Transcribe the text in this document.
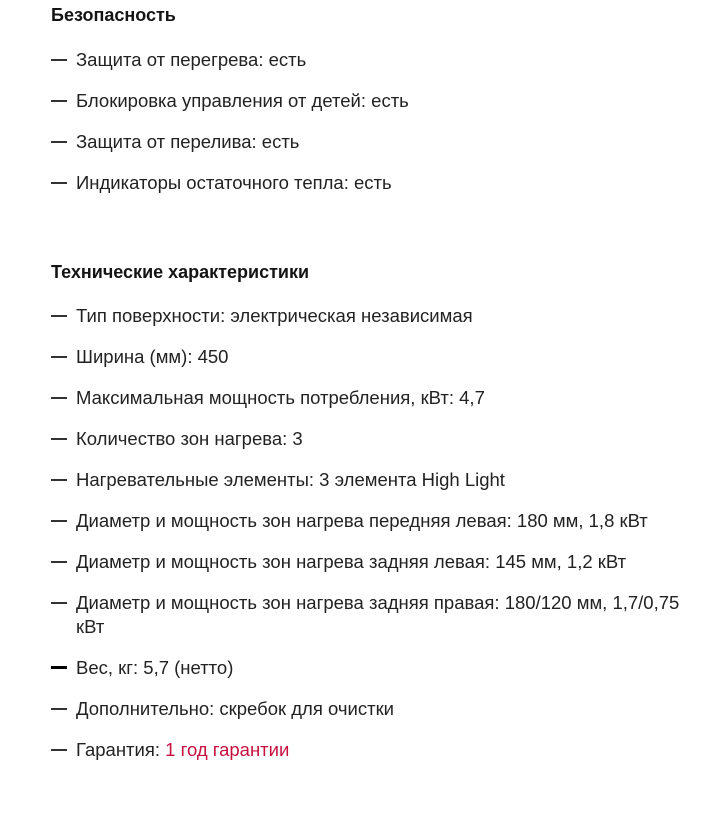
Безопасность
Защита от перегрева: есть
Блокировка управления от детей: есть
Защита от перелива: есть
Индикаторы остаточного тепла: есть
Технические характеристики
Тип поверхности: электрическая независимая
Ширина (мм): 450
Максимальная мощность потребления, кВт: 4,7
Количество зон нагрева: 3
Нагревательные элементы: 3 элемента High Light
Диаметр и мощность зон нагрева передняя левая: 180 мм, 1,8 кВт
Диаметр и мощность зон нагрева задняя левая: 145 мм, 1,2 кВт
Диаметр и мощность зон нагрева задняя правая: 180/120 мм, 1,7/0,75 кВт
Вес, кг: 5,7 (нетто)
Дополнительно: скребок для очистки
Гарантия: 1 год гарантии
